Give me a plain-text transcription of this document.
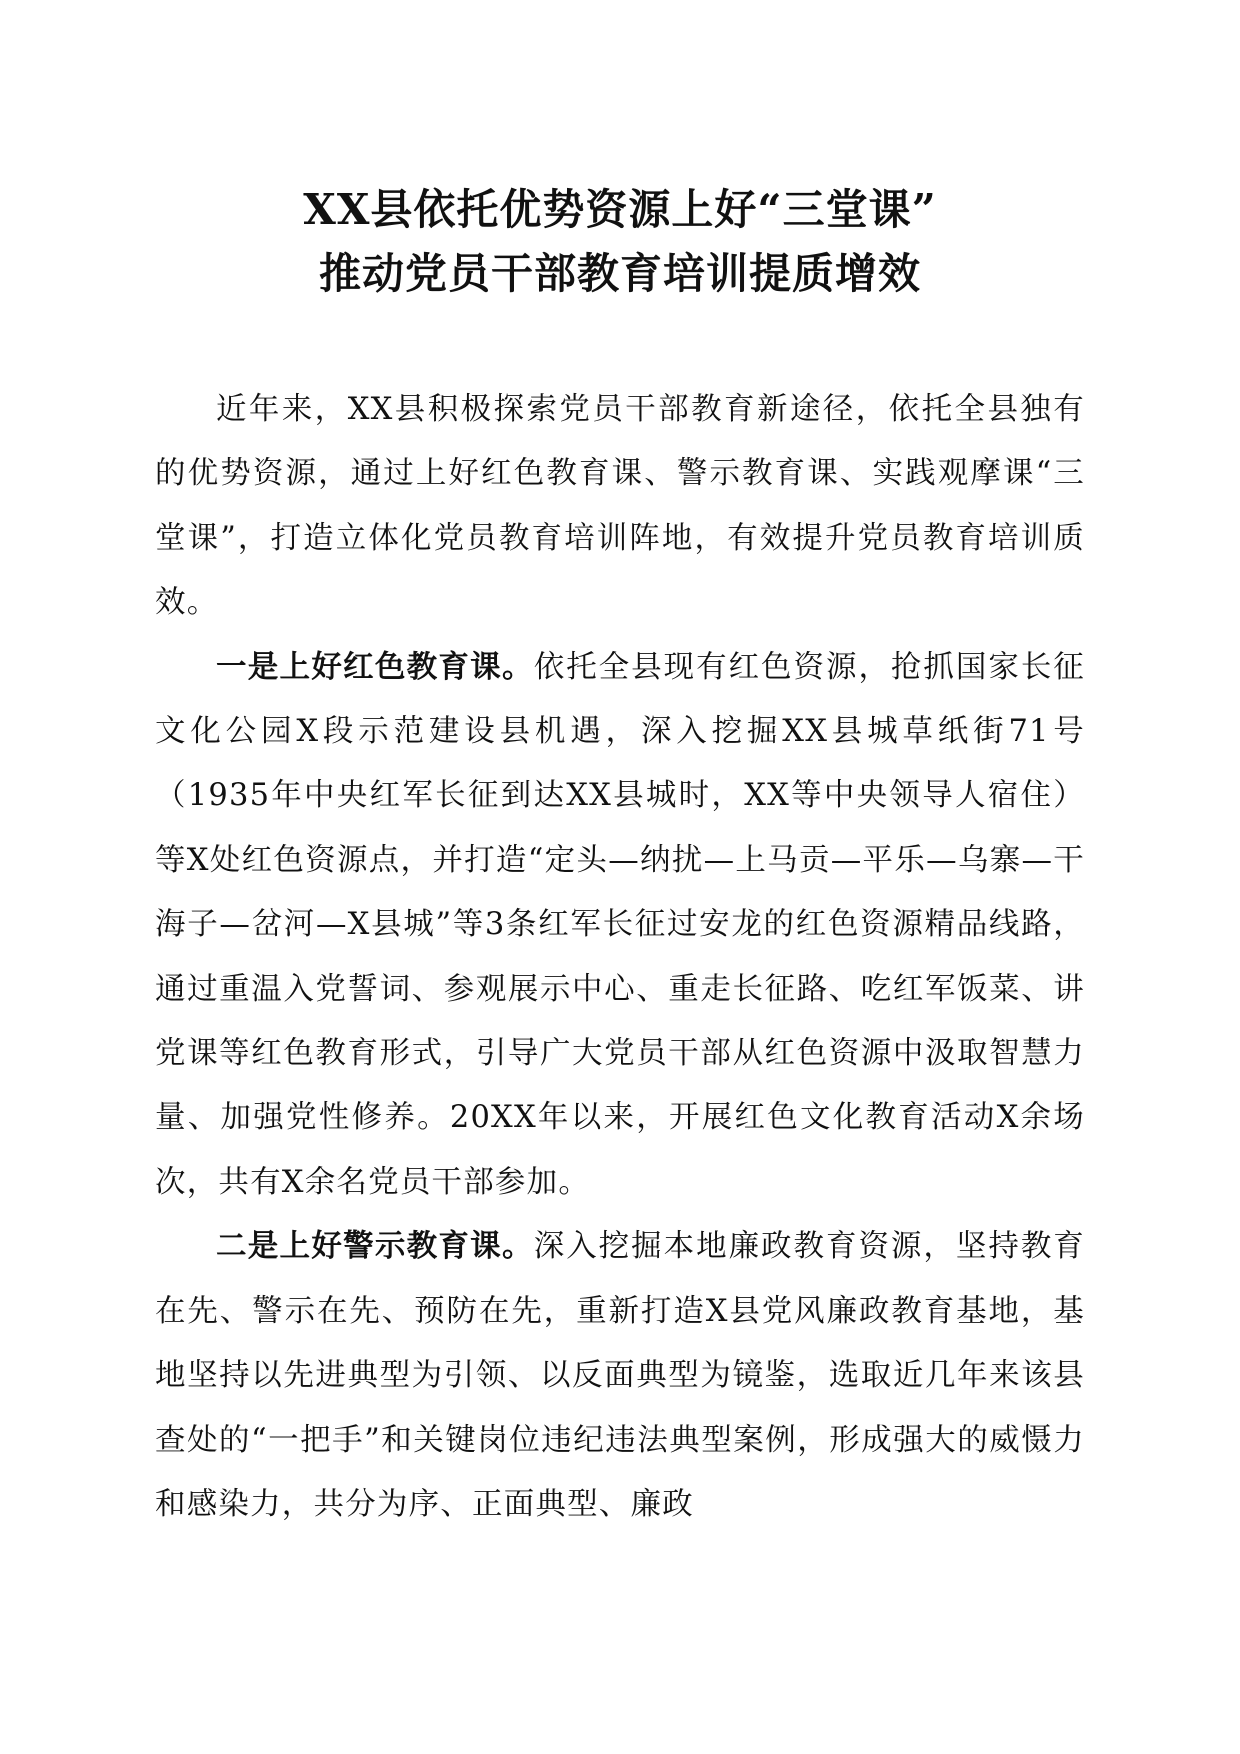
XX县依托优势资源上好“三堂课”
推动党员干部教育培训提质增效

近年来，XX县积极探索党员干部教育新途径，依托全县独有的优势资源，通过上好红色教育课、警示教育课、实践观摩课“三堂课”，打造立体化党员教育培训阵地，有效提升党员教育培训质效。

一是上好红色教育课。依托全县现有红色资源，抢抓国家长征文化公园X段示范建设县机遇，深入挖掘XX县城草纸街71号（1935年中央红军长征到达XX县城时，XX等中央领导人宿住）等X处红色资源点，并打造“定头—纳扰—上马贡—平乐—乌寨—干海子—岔河—X县城”等3条红军长征过安龙的红色资源精品线路，通过重温入党誓词、参观展示中心、重走长征路、吃红军饭菜、讲党课等红色教育形式，引导广大党员干部从红色资源中汲取智慧力量、加强党性修养。20XX年以来，开展红色文化教育活动X余场次，共有X余名党员干部参加。

二是上好警示教育课。深入挖掘本地廉政教育资源，坚持教育在先、警示在先、预防在先，重新打造X县党风廉政教育基地，基地坚持以先进典型为引领、以反面典型为镜鉴，选取近几年来该县查处的“一把手”和关键岗位违纪违法典型案例，形成强大的威慑力和感染力，共分为序、正面典型、廉政
